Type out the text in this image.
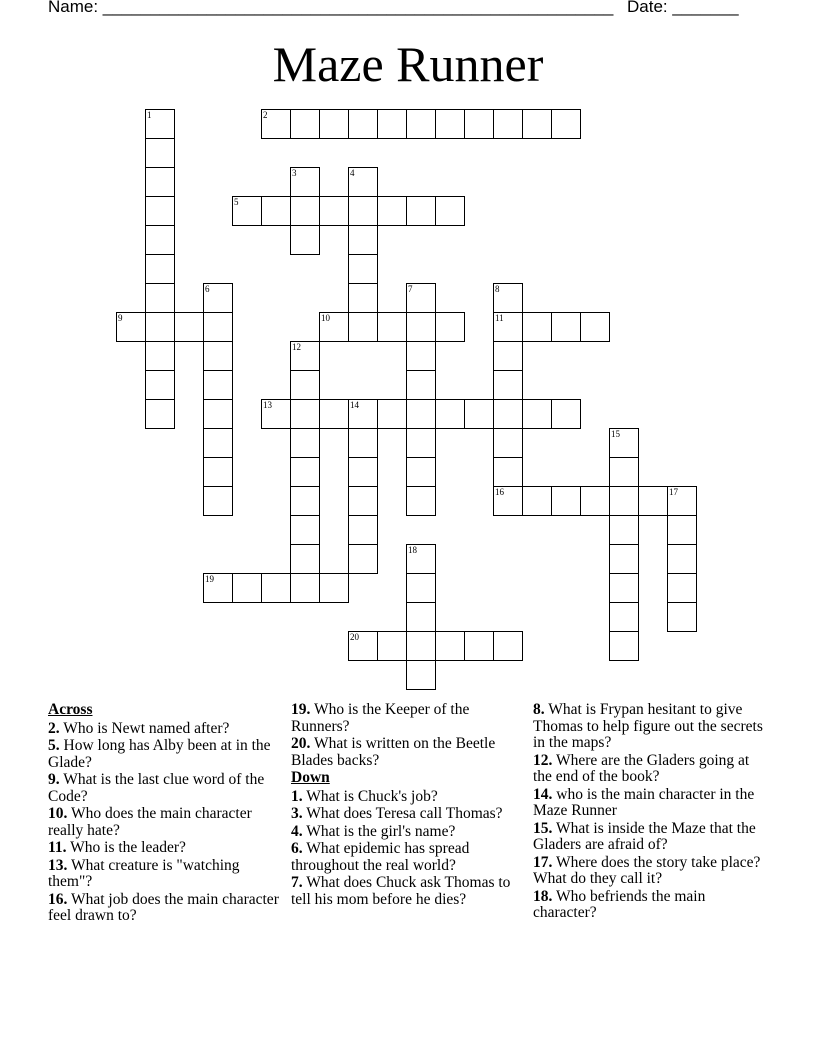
Name: ______________________________________________________ Date: _______
Maze Runner
1	2
3	4
5
6	7	8
11
16
9	10
12
13	14
15
17
18
19
20
Across
2. Who is Newt named after?
5. How long has Alby been at in the Glade?
9. What is the last clue word of the Code?
10. Who does the main character really hate?
11. Who is the leader?
13. What creature is "watching them"?
16. What job does the main character feel drawn to?
19. Who is the Keeper of the Runners?
20. What is written on the Beetle Blades backs?
Down
1. What is Chuck's job?
3. What does Teresa call Thomas?
4. What is the girl's name?
6. What epidemic has spread throughout the real world?
7. What does Chuck ask Thomas to tell his mom before he dies?
8. What is Frypan hesitant to give Thomas to help figure out the secrets in the maps?
12. Where are the Gladers going at the end of the book?
14. who is the main character in the Maze Runner
15. What is inside the Maze that the Gladers are afraid of?
17. Where does the story take place? What do they call it?
18. Who befriends the main character?
